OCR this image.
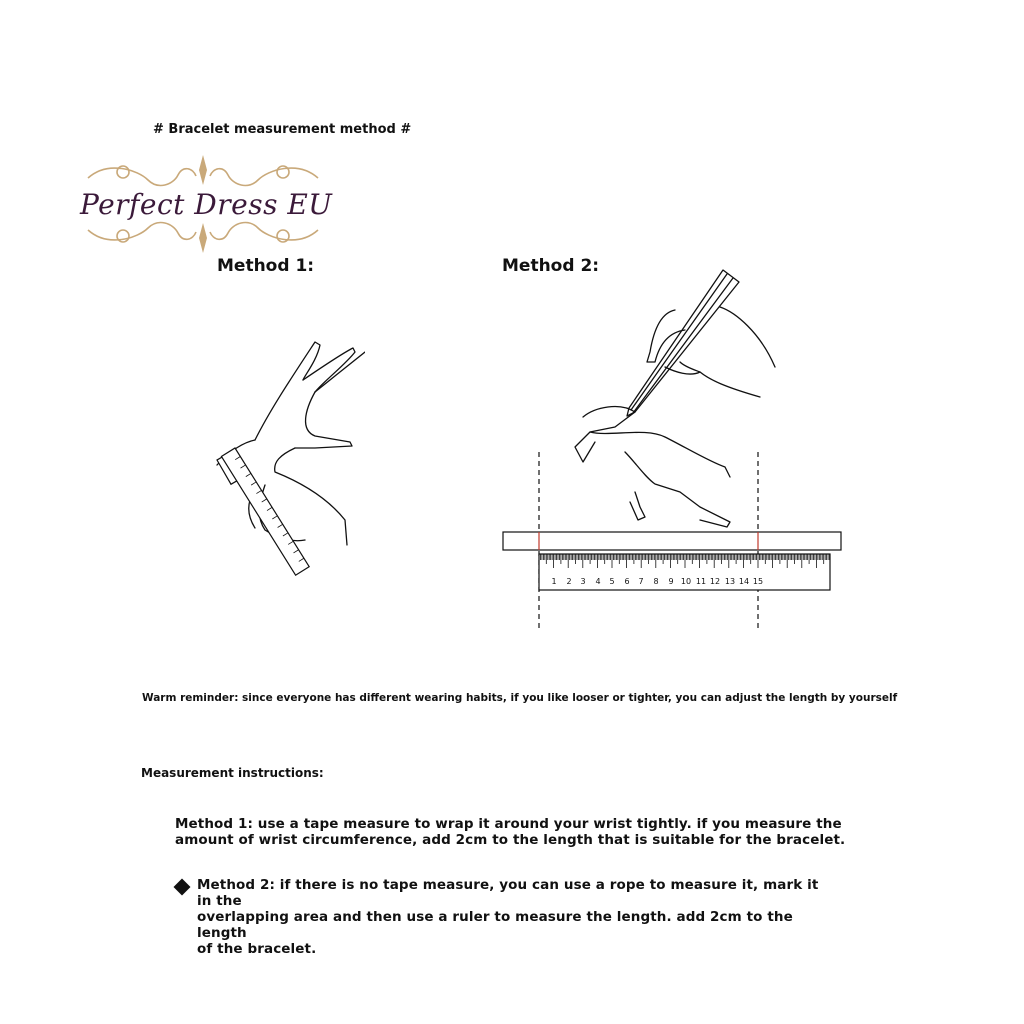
# Bracelet measurement method #
Perfect Dress EU
Method 1:	Method 2:
1 2 3 4 5 6 7 8 9 10 11 12 13 14 15
Warm reminder: since everyone has different wearing habits, if you like looser or tighter, you can adjust the length by yourself
Measurement instructions:
Method 1: use a tape measure to wrap it around your wrist tightly. if you measure the
amount of wrist circumference, add 2cm to the length that is suitable for the bracelet.
Method 2: if there is no tape measure, you can use a rope to measure it, mark it in the
overlapping area and then use a ruler to measure the length. add 2cm to the length
of the bracelet.
